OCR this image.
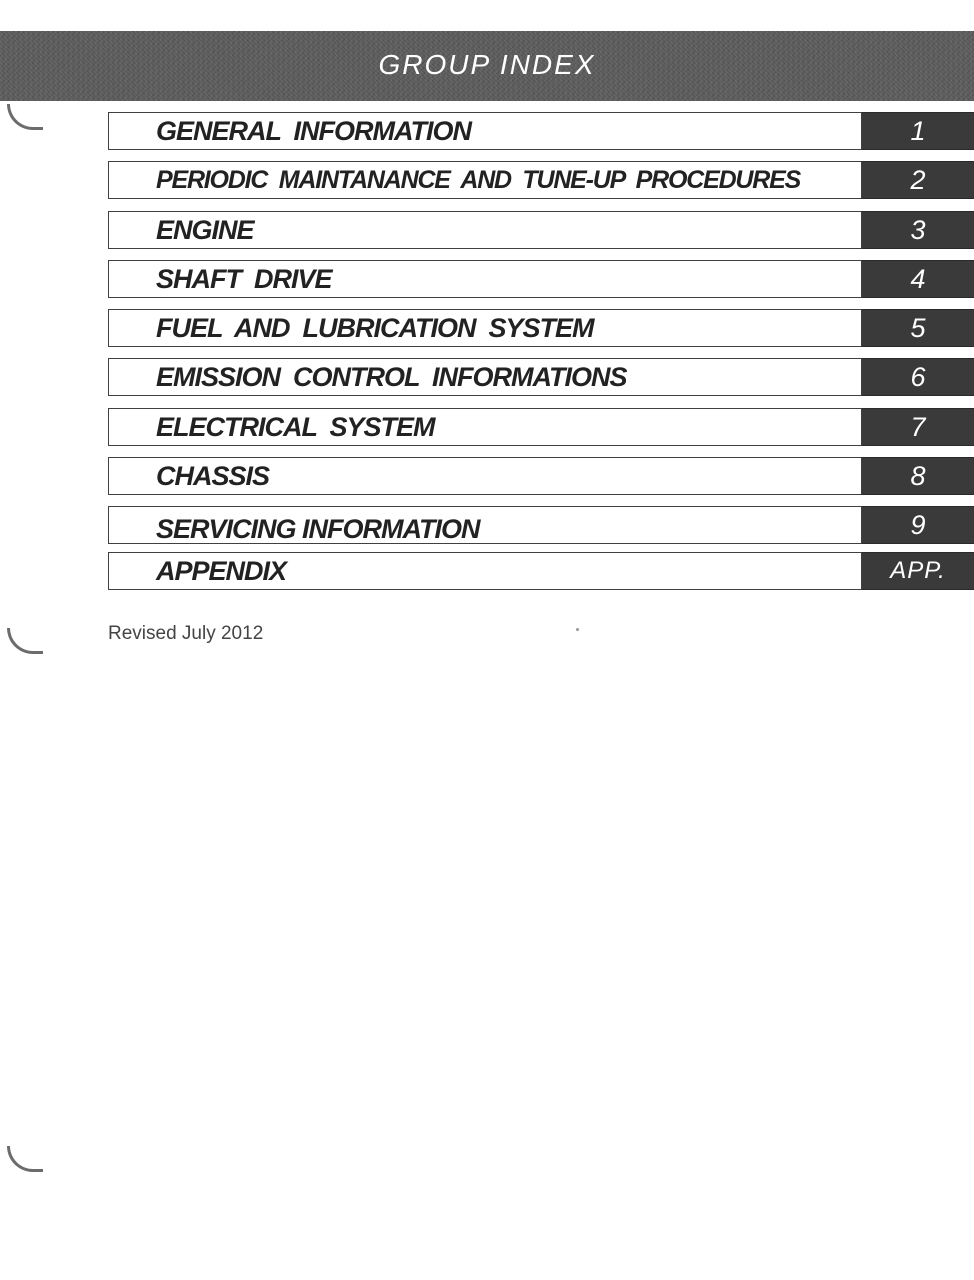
GROUP INDEX
GENERAL  INFORMATION	1
PERIODIC  MAINTANANCE  AND  TUNE-UP  PROCEDURES	2
ENGINE	3
SHAFT  DRIVE	4
FUEL  AND  LUBRICATION  SYSTEM	5
EMISSION  CONTROL  INFORMATIONS	6
ELECTRICAL  SYSTEM	7
CHASSIS	8
SERVICING INFORMATION	9
APPENDIX	APP.
Revised July 2012
